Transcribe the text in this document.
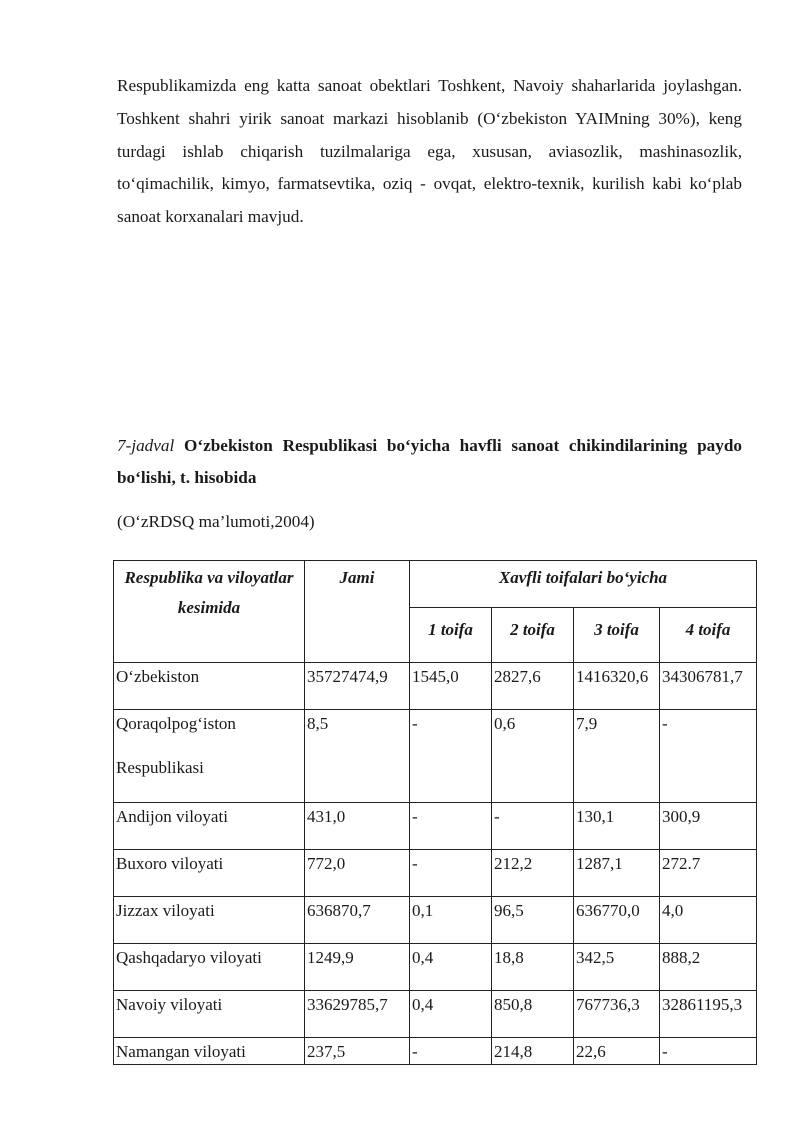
Respublikamizda eng katta sanoat obektlari Toshkent, Navoiy shaharlarida joylashgan. Toshkent shahri yirik sanoat markazi hisoblanib (O‘zbekiston YAIMning 30%), keng turdagi ishlab chiqarish tuzilmalariga ega, xususan, aviasozlik, mashinasozlik, to‘qimachilik, kimyo, farmatsevtika, oziq - ovqat, elektro-texnik, kurilish kabi ko‘plab sanoat korxanalari mavjud.

7-jadval O‘zbekiston Respublikasi bo‘yicha havfli sanoat chikindilarining paydo bo‘lishi, t. hisobida

(O‘zRDSQ ma’lumoti,2004)

Respublika va viloyatlar kesimida	Jami	Xavfli toifalari bo‘yicha			
		1 toifa	2 toifa	3 toifa	4 toifa
O‘zbekiston	35727474,9	1545,0	2827,6	1416320,6	34306781,7

Qoraqolpog‘iston
Respublikasi	8,5	-	0,6	7,9	-
Andijon viloyati	431,0	-	-	130,1	300,9
Buxoro viloyati	772,0	-	212,2	1287,1	272.7
Jizzax viloyati	636870,7	0,1	96,5	636770,0	4,0
Qashqadaryo viloyati	1249,9	0,4	18,8	342,5	888,2
Navoiy viloyati	33629785,7	0,4	850,8	767736,3	32861195,3
Namangan viloyati	237,5	-	214,8	22,6	-
